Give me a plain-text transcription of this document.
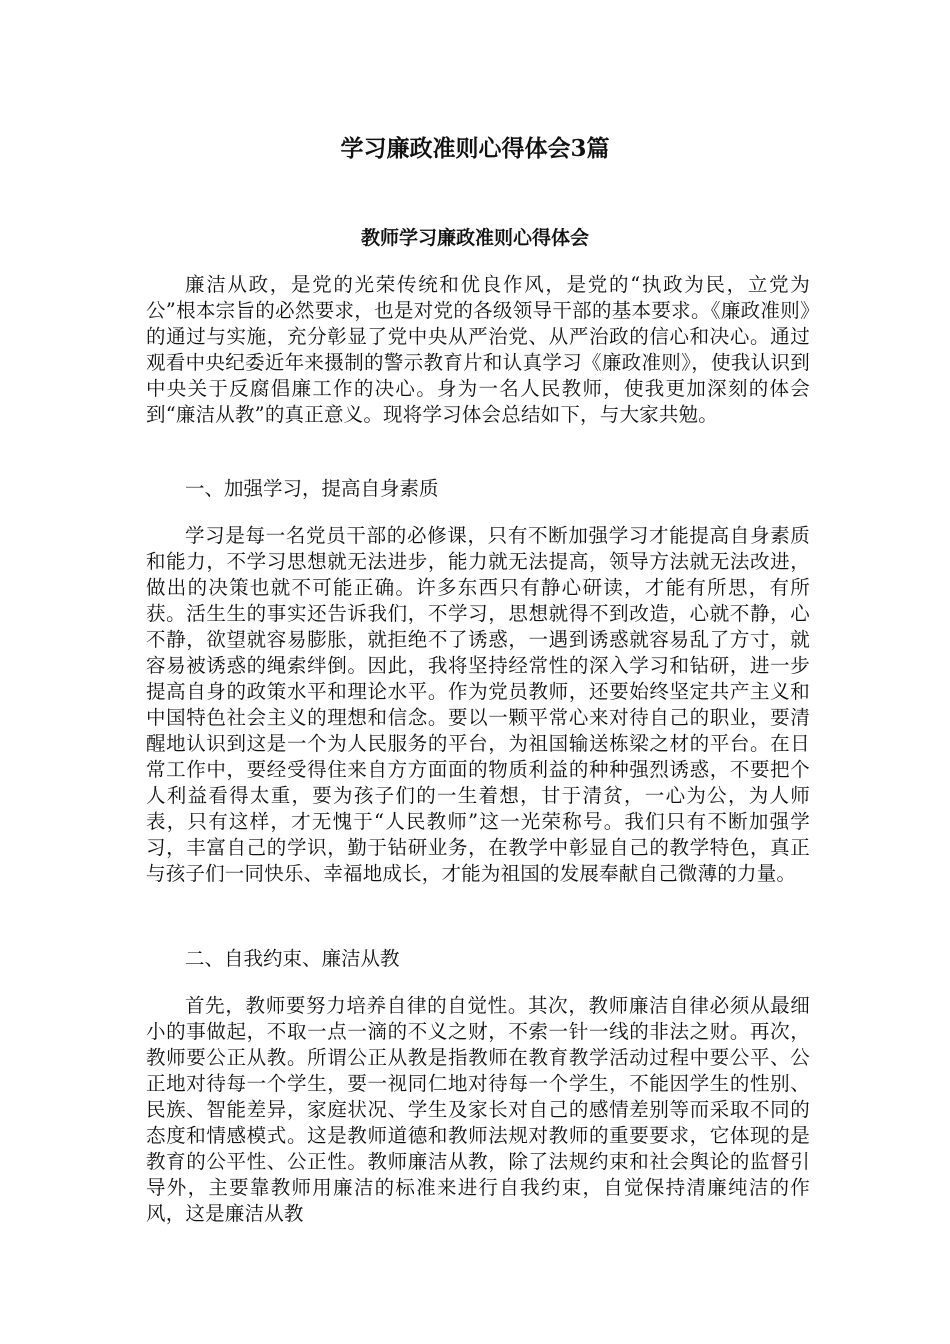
学习廉政准则心得体会3篇
教师学习廉政准则心得体会

廉洁从政，是党的光荣传统和优良作风，是党的“执政为民，立党为公”根本宗旨的必然要求，也是对党的各级领导干部的基本要求。《廉政准则》的通过与实施，充分彰显了党中央从严治党、从严治政的信心和决心。通过观看中央纪委近年来摄制的警示教育片和认真学习《廉政准则》，使我认识到中央关于反腐倡廉工作的决心。身为一名人民教师，使我更加深刻的体会到“廉洁从教”的真正意义。现将学习体会总结如下，与大家共勉。

一、加强学习，提高自身素质

学习是每一名党员干部的必修课，只有不断加强学习才能提高自身素质和能力，不学习思想就无法进步，能力就无法提高，领导方法就无法改进，做出的决策也就不可能正确。许多东西只有静心研读，才能有所思，有所获。活生生的事实还告诉我们，不学习，思想就得不到改造，心就不静，心不静，欲望就容易膨胀，就拒绝不了诱惑，一遇到诱惑就容易乱了方寸，就容易被诱惑的绳索绊倒。因此，我将坚持经常性的深入学习和钻研，进一步提高自身的政策水平和理论水平。作为党员教师，还要始终坚定共产主义和中国特色社会主义的理想和信念。要以一颗平常心来对待自己的职业，要清醒地认识到这是一个为人民服务的平台，为祖国输送栋梁之材的平台。在日常工作中，要经受得住来自方方面面的物质利益的种种强烈诱惑，不要把个人利益看得太重，要为孩子们的一生着想，甘于清贫，一心为公，为人师表，只有这样，才无愧于“人民教师”这一光荣称号。我们只有不断加强学习，丰富自己的学识，勤于钻研业务，在教学中彰显自己的教学特色，真正与孩子们一同快乐、幸福地成长，才能为祖国的发展奉献自己微薄的力量。

二、自我约束、廉洁从教

首先，教师要努力培养自律的自觉性。其次，教师廉洁自律必须从最细小的事做起，不取一点一滴的不义之财，不索一针一线的非法之财。再次，教师要公正从教。所谓公正从教是指教师在教育教学活动过程中要公平、公正地对待每一个学生，要一视同仁地对待每一个学生，不能因学生的性别、民族、智能差异，家庭状况、学生及家长对自己的感情差别等而采取不同的态度和情感模式。这是教师道德和教师法规对教师的重要要求，它体现的是教育的公平性、公正性。教师廉洁从教，除了法规约束和社会舆论的监督引导外，主要靠教师用廉洁的标准来进行自我约束，自觉保持清廉纯洁的作风，这是廉洁从教
